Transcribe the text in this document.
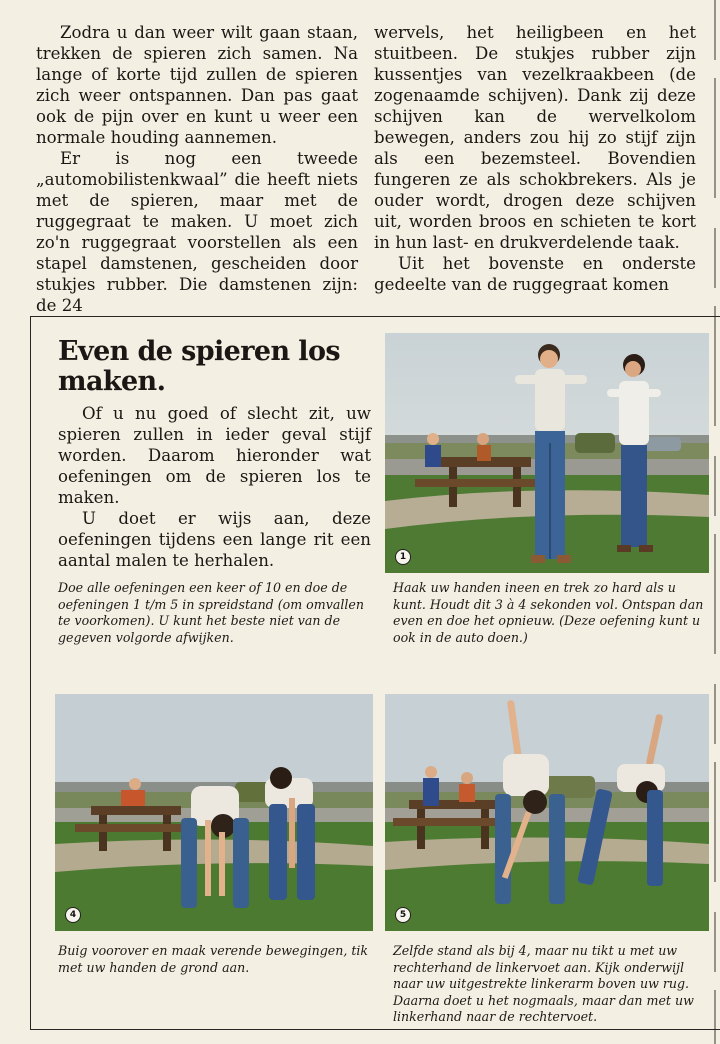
Zodra u dan weer wilt gaan staan, trekken de spieren zich samen. Na lange of korte tijd zullen de spieren zich weer ontspannen. Dan pas gaat ook de pijn over en kunt u weer een normale houding aannemen.

Er is nog een tweede „automobilistenkwaal” die heeft niets met de spieren, maar met de ruggegraat te maken. U moet zich zo'n ruggegraat voorstellen als een stapel damstenen, gescheiden door stukjes rubber. Die damstenen zijn: de 24

wervels, het heiligbeen en het stuitbeen. De stukjes rubber zijn kussentjes van vezelkraakbeen (de zogenaamde schijven). Dank zij deze schijven kan de wervelkolom bewegen, anders zou hij zo stijf zijn als een bezemsteel. Bovendien fungeren ze als schokbrekers. Als je ouder wordt, drogen deze schijven uit, worden broos en schieten te kort in hun last- en drukverdelende taak.

Uit het bovenste en onderste gedeelte van de ruggegraat komen

Even de spieren los maken.

Of u nu goed of slecht zit, uw spieren zullen in ieder geval stijf worden. Daarom hieronder wat oefeningen om de spieren los te maken.

U doet er wijs aan, deze oefeningen tijdens een lange rit een aantal malen te herhalen.

Doe alle oefeningen een keer of 10 en doe de oefeningen 1 t/m 5 in spreidstand (om omvallen te voorkomen). U kunt het beste niet van de gegeven volgorde afwijken.
1
Haak uw handen ineen en trek zo hard als u kunt. Houdt dit 3 à 4 sekonden vol. Ontspan dan even en doe het opnieuw. (Deze oefening kunt u ook in de auto doen.)
4
Buig voorover en maak verende bewegingen, tik met uw handen de grond aan.
5
Zelfde stand als bij 4, maar nu tikt u met uw rechterhand de linkervoet aan. Kijk onderwijl naar uw uitgestrekte linkerarm boven uw rug. Daarna doet u het nogmaals, maar dan met uw linkerhand naar de rechtervoet.
